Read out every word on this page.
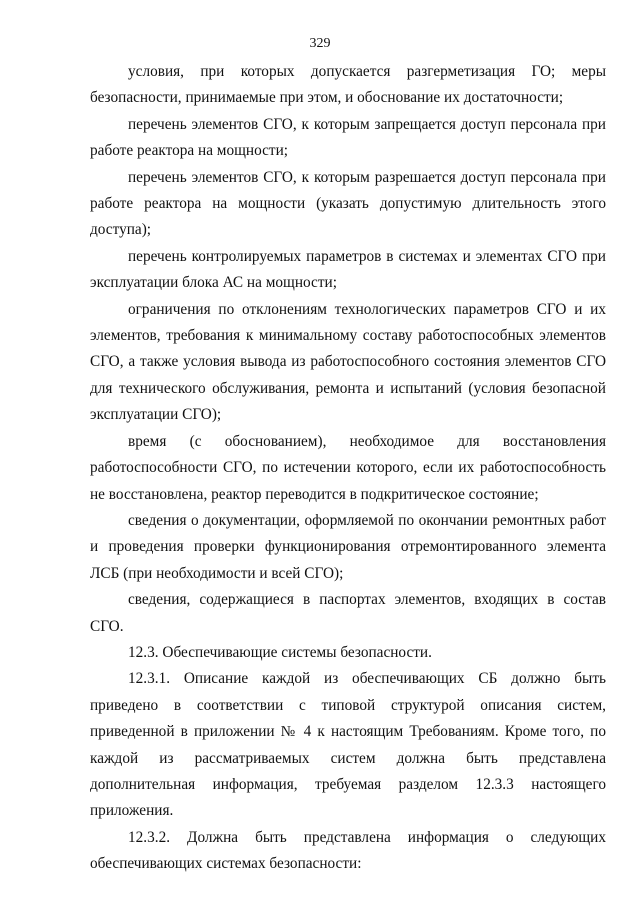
329

условия, при которых допускается разгерметизация ГО; меры безопасности, принимаемые при этом, и обоснование их достаточности;

перечень элементов СГО, к которым запрещается доступ персонала при работе реактора на мощности;

перечень элементов СГО, к которым разрешается доступ персонала при работе реактора на мощности (указать допустимую длительность этого доступа);

перечень контролируемых параметров в системах и элементах СГО при эксплуатации блока АС на мощности;

ограничения по отклонениям технологических параметров СГО и их элементов, требования к минимальному составу работоспособных элементов СГО, а также условия вывода из работоспособного состояния элементов СГО для технического обслуживания, ремонта и испытаний (условия безопасной эксплуатации СГО);

время (с обоснованием), необходимое для восстановления работоспособности СГО, по истечении которого, если их работоспособность не восстановлена, реактор переводится в подкритическое состояние;

сведения о документации, оформляемой по окончании ремонтных работ и проведения проверки функционирования отремонтированного элемента ЛСБ (при необходимости и всей СГО);

сведения, содержащиеся в паспортах элементов, входящих в состав СГО.

12.3. Обеспечивающие системы безопасности.

12.3.1. Описание каждой из обеспечивающих СБ должно быть приведено в соответствии с типовой структурой описания систем, приведенной в приложении № 4 к настоящим Требованиям. Кроме того, по каждой из рассматриваемых систем должна быть представлена дополнительная информация, требуемая разделом 12.3.3 настоящего приложения.

12.3.2. Должна быть представлена информация о следующих обеспечивающих системах безопасности:
